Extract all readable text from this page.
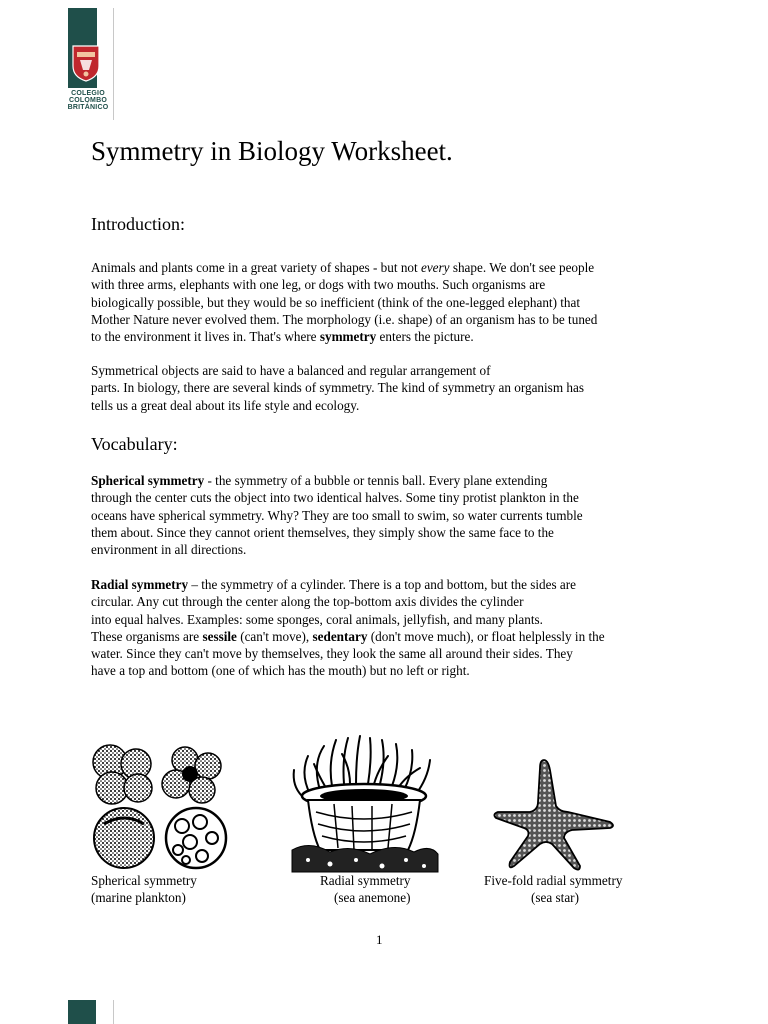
COLEGIO
COLOMBO
BRITÁNICO
Symmetry in Biology Worksheet.
Introduction:

Animals and plants come in a great variety of shapes - but not every shape. We don't see people
with three arms, elephants with one leg, or dogs with two mouths. Such organisms are
biologically possible, but they would be so inefficient (think of the one-legged elephant) that
Mother Nature never evolved them. The morphology (i.e. shape) of an organism has to be tuned
to the environment it lives in. That's where symmetry enters the picture.

Symmetrical objects are said to have a balanced and regular arrangement of
parts. In biology, there are several kinds of symmetry. The kind of symmetry an organism has
tells us a great deal about its life style and ecology.

Vocabulary:

Spherical symmetry - the symmetry of a bubble or tennis ball. Every plane extending
through the center cuts the object into two identical halves. Some tiny protist plankton in the
oceans have spherical symmetry. Why? They are too small to swim, so water currents tumble
them about. Since they cannot orient themselves, they simply show the same face to the
environment in all directions.

Radial symmetry – the symmetry of a cylinder. There is a top and bottom, but the sides are
circular. Any cut through the center along the top-bottom axis divides the cylinder
into equal halves. Examples: some sponges, coral animals, jellyfish, and many plants.
These organisms are sessile (can't move), sedentary (don't move much), or float helplessly in the
water. Since they can't move by themselves, they look the same all around their sides. They
have a top and bottom (one of which has the mouth) but no left or right.

Spherical symmetry
(marine plankton)
Radial symmetry
(sea anemone)
Five-fold radial symmetry
(sea star)
1
